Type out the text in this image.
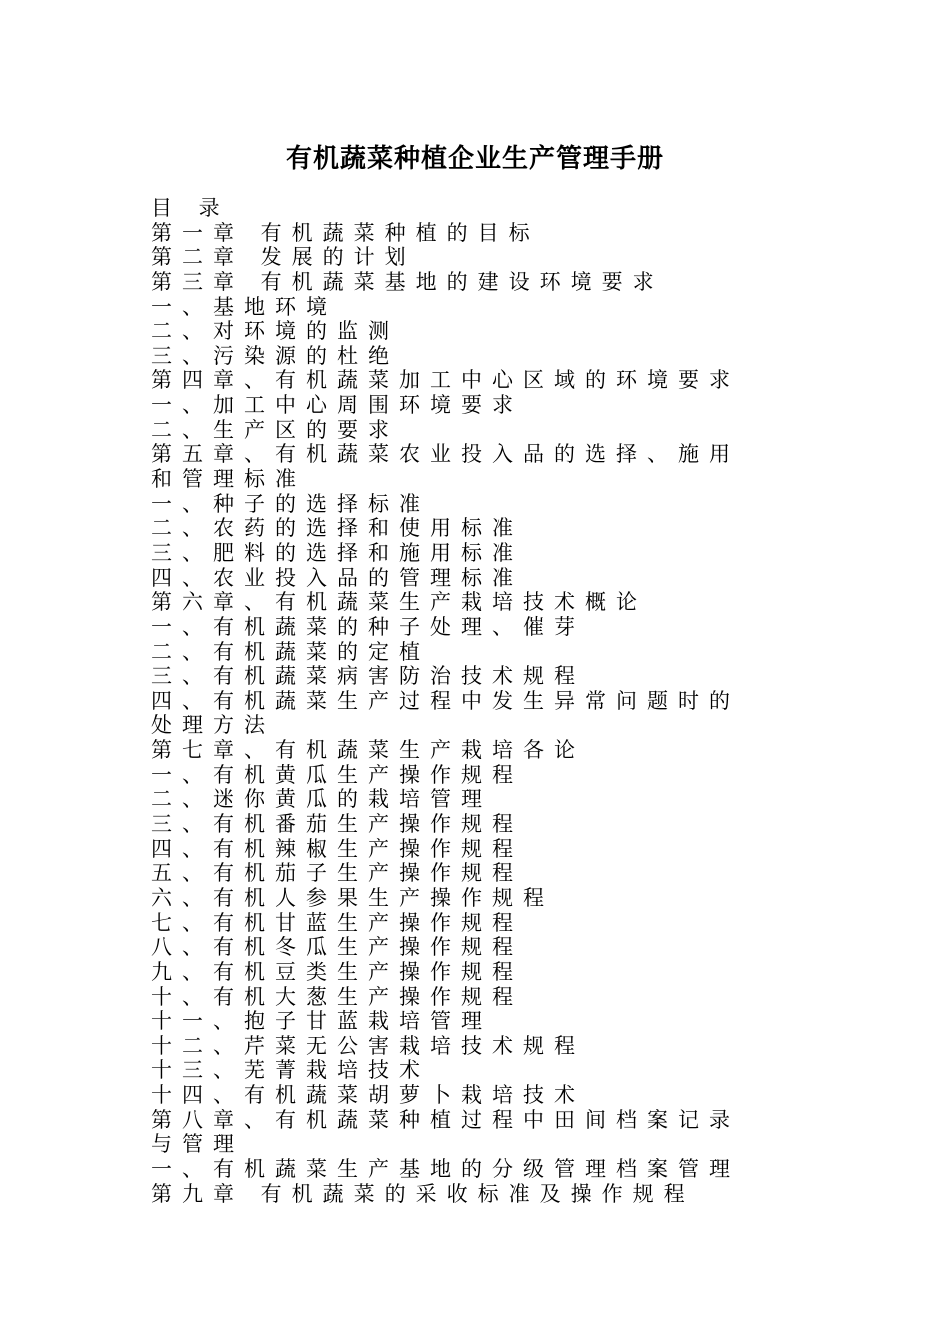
有机蔬菜种植企业生产管理手册
目 录
第一章 有机蔬菜种植的目标
第二章 发展的计划
第三章 有机蔬菜基地的建设环境要求
一、基地环境
二、对环境的监测
三、污染源的杜绝
第四章、有机蔬菜加工中心区域的环境要求
一、加工中心周围环境要求
二、生产区的要求
第五章、有机蔬菜农业投入品的选择、施用
和管理标准
一、种子的选择标准
二、农药的选择和使用标准
三、肥料的选择和施用标准
四、农业投入品的管理标准
第六章、有机蔬菜生产栽培技术概论
一、有机蔬菜的种子处理、催芽
二、有机蔬菜的定植
三、有机蔬菜病害防治技术规程
四、有机蔬菜生产过程中发生异常问题时的
处理方法
第七章、有机蔬菜生产栽培各论
一、有机黄瓜生产操作规程
二、迷你黄瓜的栽培管理
三、有机番茄生产操作规程
四、有机辣椒生产操作规程
五、有机茄子生产操作规程
六、有机人参果生产操作规程
七、有机甘蓝生产操作规程
八、有机冬瓜生产操作规程
九、有机豆类生产操作规程
十、有机大葱生产操作规程
十一、抱子甘蓝栽培管理
十二、芹菜无公害栽培技术规程
十三、芜菁栽培技术
十四、有机蔬菜胡萝卜栽培技术
第八章、有机蔬菜种植过程中田间档案记录
与管理
一、有机蔬菜生产基地的分级管理档案管理
第九章 有机蔬菜的采收标准及操作规程
